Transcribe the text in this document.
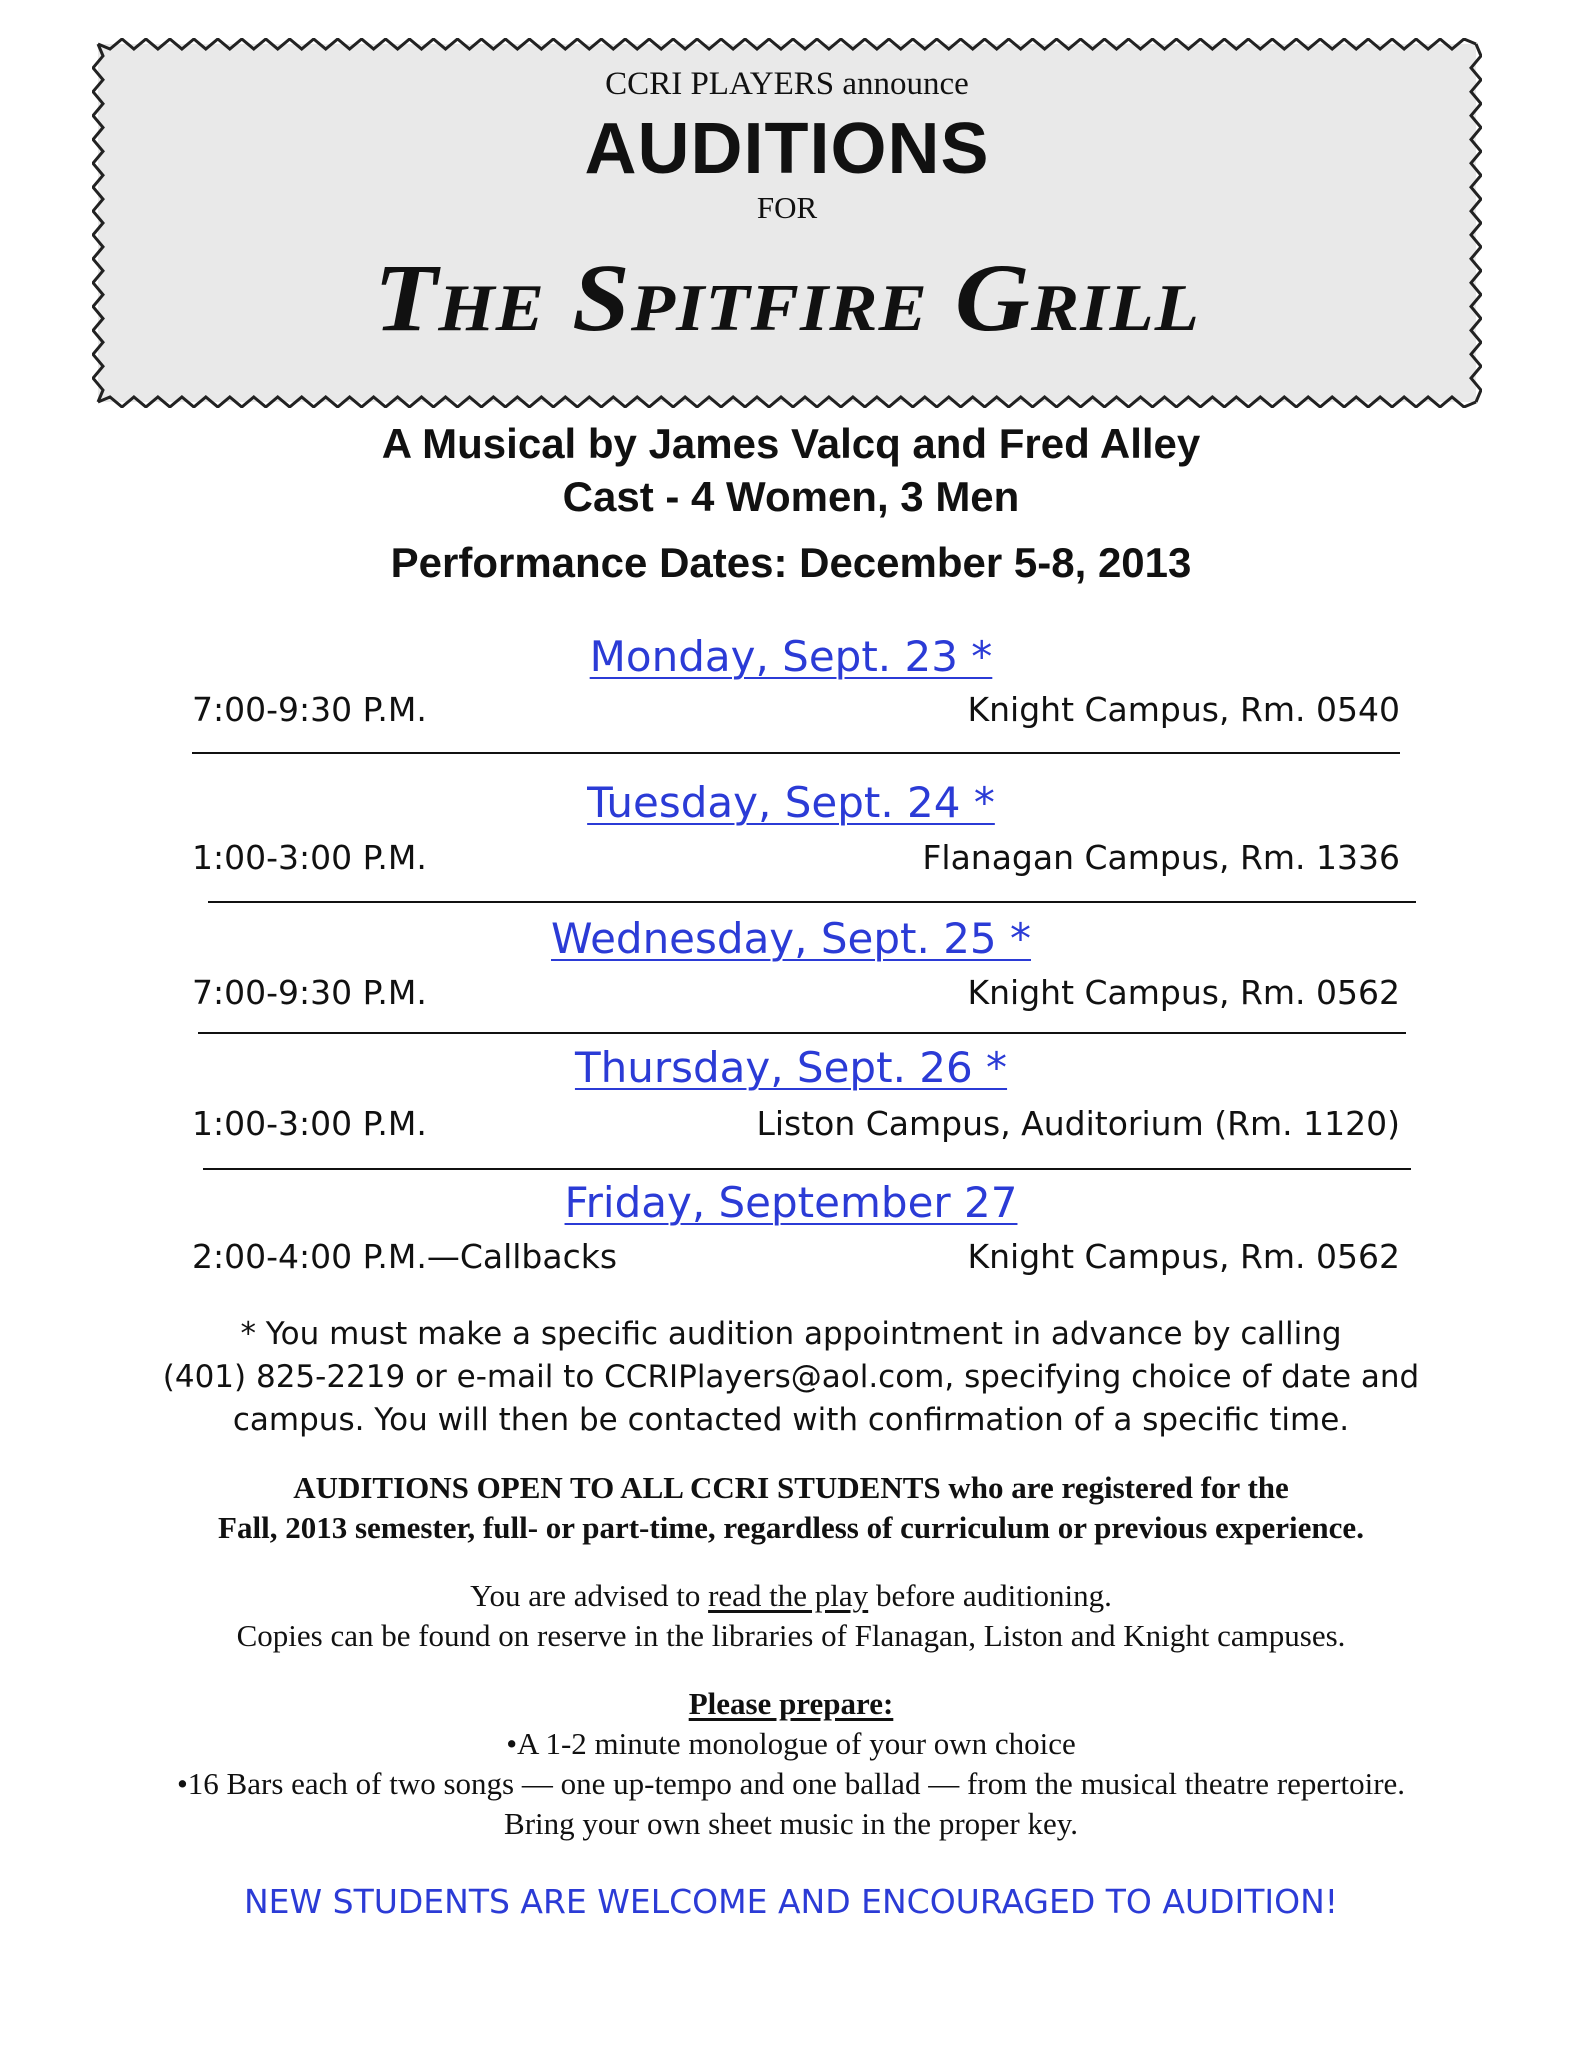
CCRI PLAYERS announce
AUDITIONS
FOR
The Spitfire Grill
A Musical by James Valcq and Fred Alley
Cast - 4 Women, 3 Men
Performance Dates: December 5-8, 2013
Monday, Sept. 23 *
7:00-9:30 P.M.	Knight Campus, Rm. 0540
Tuesday, Sept. 24 *
1:00-3:00 P.M.	Flanagan Campus, Rm. 1336
Wednesday, Sept. 25 *
7:00-9:30 P.M.	Knight Campus, Rm. 0562
Thursday, Sept. 26 *
1:00-3:00 P.M.	Liston Campus, Auditorium (Rm. 1120)
Friday, September 27
2:00-4:00 P.M.—Callbacks	Knight Campus, Rm. 0562
* You must make a specific audition appointment in advance by calling
(401) 825-2219 or e-mail to CCRIPlayers@aol.com, specifying choice of date and
campus. You will then be contacted with confirmation of a specific time.
AUDITIONS OPEN TO ALL CCRI STUDENTS who are registered for the
Fall, 2013 semester, full- or part-time, regardless of curriculum or previous experience.
You are advised to read the play before auditioning.
Copies can be found on reserve in the libraries of Flanagan, Liston and Knight campuses.
Please prepare:
•A 1-2 minute monologue of your own choice
•16 Bars each of two songs — one up-tempo and one ballad — from the musical theatre repertoire.
Bring your own sheet music in the proper key.
NEW STUDENTS ARE WELCOME AND ENCOURAGED TO AUDITION!
